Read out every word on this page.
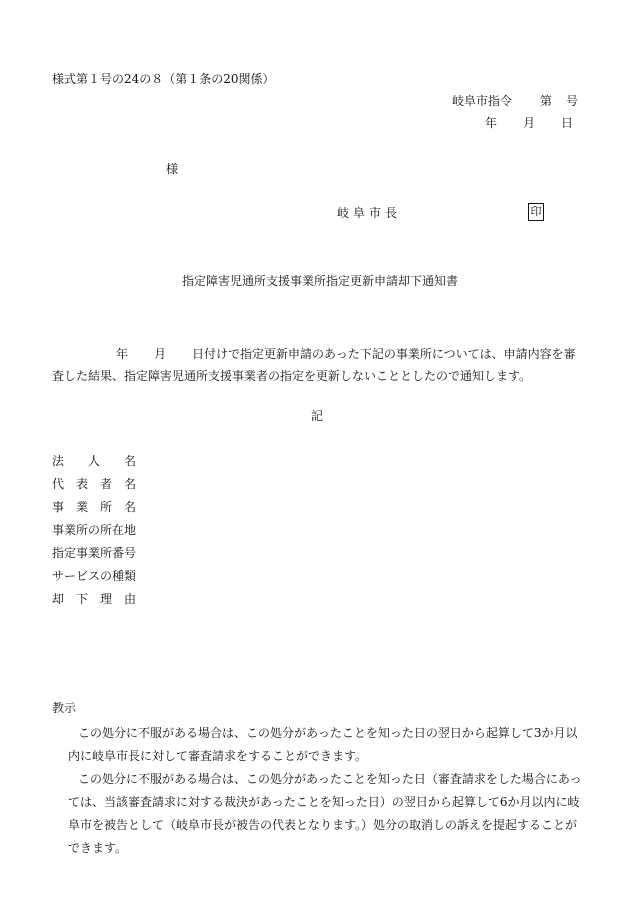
様式第１号の24の８（第１条の20関係）
岐阜市指令 第 号
年 月 日
様
岐阜市長	印
指定障害児通所支援事業所指定更新申請却下通知書
年 月 日付けで指定更新申請のあった下記の事業所については、申請内容を審査した結果、指定障害児通所支援事業者の指定を更新しないこととしたので通知します。
記
法　　人　　名
代　表　者　名
事　業　所　名
事業所の所在地
指定事業所番号
サービスの種類
却　下　理　由
教示

この処分に不服がある場合は、この処分があったことを知った日の翌日から起算して3か月以内に岐阜市長に対して審査請求をすることができます。

この処分に不服がある場合は、この処分があったことを知った日（審査請求をした場合にあっては、当該審査請求に対する裁決があったことを知った日）の翌日から起算して6か月以内に岐阜市を被告として（岐阜市長が被告の代表となります。）処分の取消しの訴えを提起することができます。
